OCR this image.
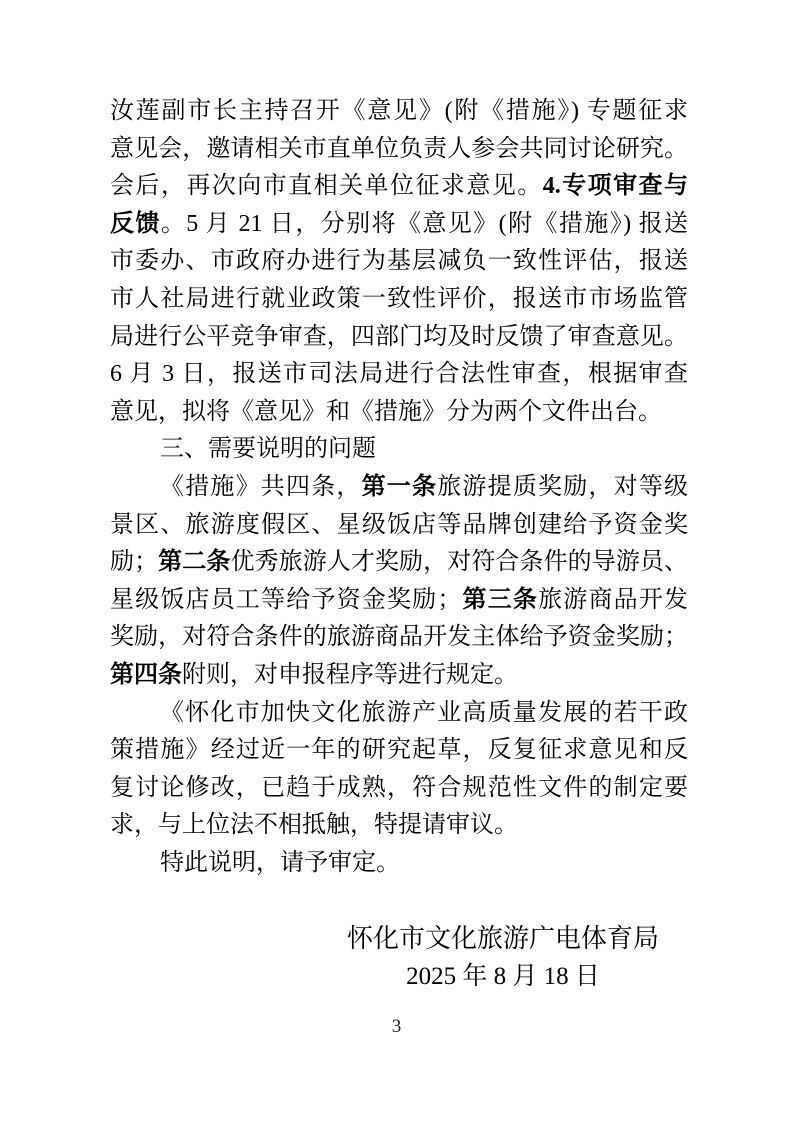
汝莲副市长主持召开《意见》(附《措施》) 专题征求
意见会，邀请相关市直单位负责人参会共同讨论研究。
会后，再次向市直相关单位征求意见。4.专项审查与
反馈。5 月 21 日，分别将《意见》(附《措施》) 报送
市委办、市政府办进行为基层减负一致性评估，报送
市人社局进行就业政策一致性评价，报送市市场监管
局进行公平竞争审查，四部门均及时反馈了审查意见。
6 月 3 日，报送市司法局进行合法性审查，根据审查
意见，拟将《意见》和《措施》分为两个文件出台。
三、需要说明的问题
《措施》共四条，第一条旅游提质奖励，对等级
景区、旅游度假区、星级饭店等品牌创建给予资金奖
励；第二条优秀旅游人才奖励，对符合条件的导游员、
星级饭店员工等给予资金奖励；第三条旅游商品开发
奖励，对符合条件的旅游商品开发主体给予资金奖励；
第四条附则，对申报程序等进行规定。
《怀化市加快文化旅游产业高质量发展的若干政
策措施》经过近一年的研究起草，反复征求意见和反
复讨论修改，已趋于成熟，符合规范性文件的制定要
求，与上位法不相抵触，特提请审议。
特此说明，请予审定。
怀化市文化旅游广电体育局
2025 年 8 月 18 日
3
